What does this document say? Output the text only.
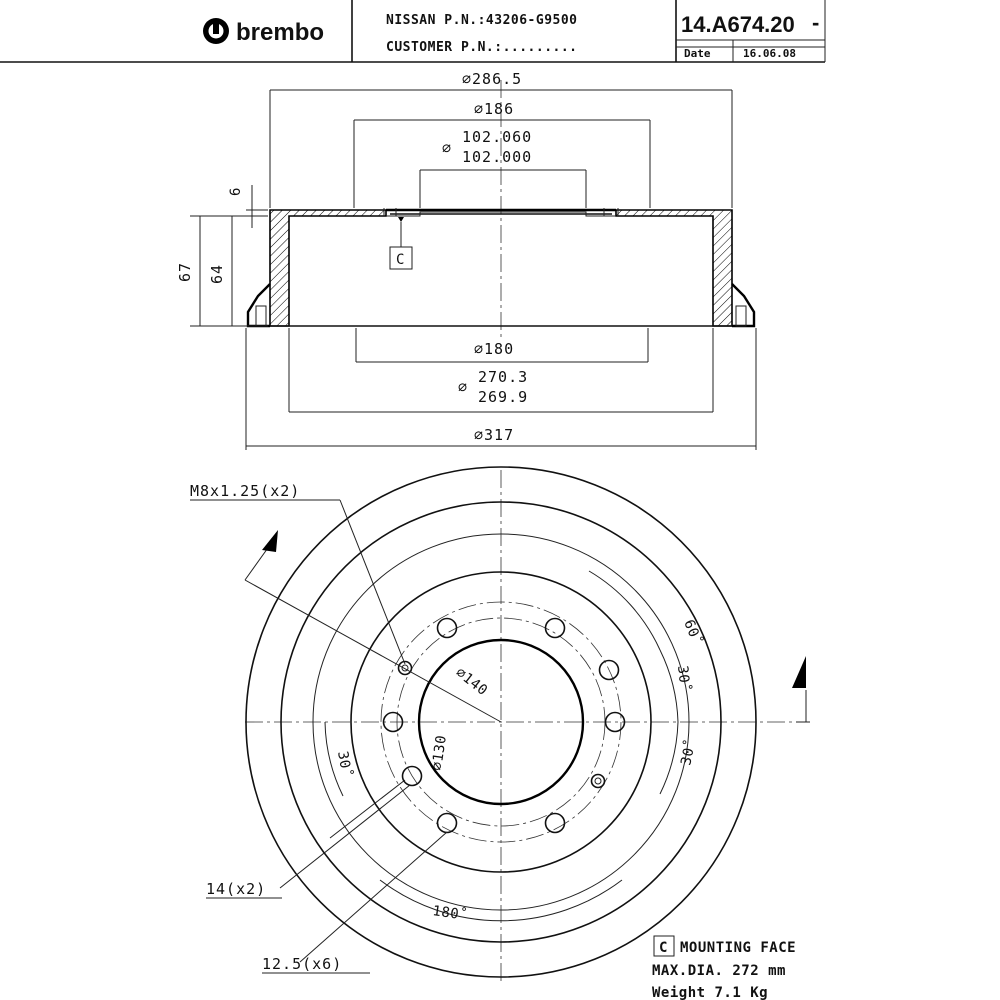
brembo	NISSAN P.N.:43206-G9500
CUSTOMER P.N.:.........
14.A674.20 -
Date	16.06.08
C
⌀286.5
⌀186
⌀
102.060
102.000
6
67 64
⌀180
⌀
270.3
269.9
⌀317
60˚
30˚
30˚
30˚
180˚
⌀140
⌀130
M8x1.25(x2)
14(x2)
12.5(x6)
C MOUNTING FACE
MAX.DIA. 272 mm
Weight 7.1 Kg
